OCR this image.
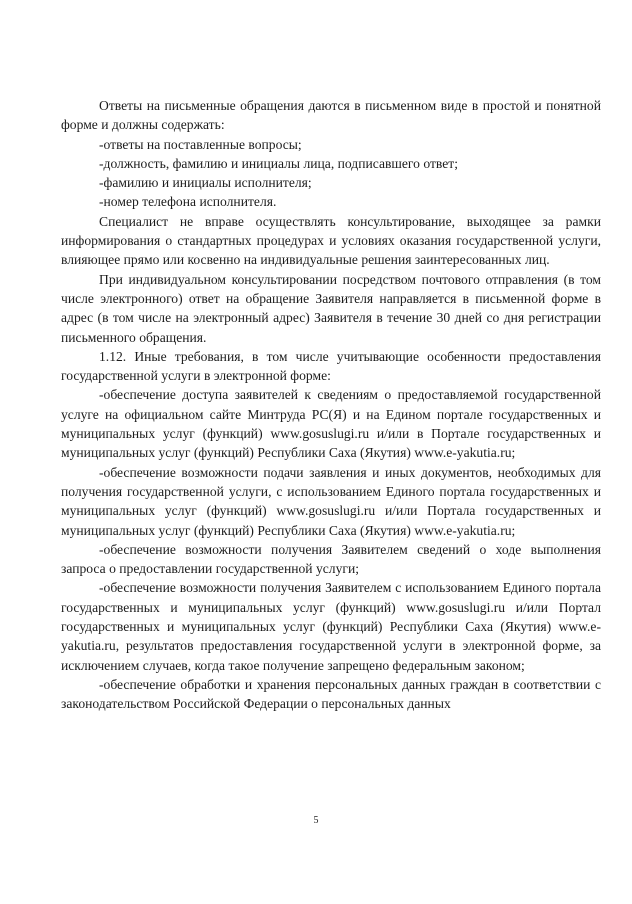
Ответы на письменные обращения даются в письменном виде в простой и понятной форме и должны содержать:

-ответы на поставленные вопросы;

-должность, фамилию и инициалы лица, подписавшего ответ;

-фамилию и инициалы исполнителя;

-номер телефона исполнителя.

Специалист не вправе осуществлять консультирование, выходящее за рамки информирования о стандартных процедурах и условиях оказания государственной услуги, влияющее прямо или косвенно на индивидуальные решения заинтересованных лиц.

При индивидуальном консультировании посредством почтового отправления (в том числе электронного) ответ на обращение Заявителя направляется в письменной форме в адрес (в том числе на электронный адрес) Заявителя в течение 30 дней со дня регистрации письменного обращения.

1.12. Иные требования, в том числе учитывающие особенности предоставления государственной услуги в электронной форме:

-обеспечение доступа заявителей к сведениям о предоставляемой государственной услуге на официальном сайте Минтруда РС(Я) и на Едином портале государственных и муниципальных услуг (функций) www.gosuslugi.ru и/или в Портале государственных и муниципальных услуг (функций) Республики Саха (Якутия) www.e-yakutia.ru;

-обеспечение возможности подачи заявления и иных документов, необходимых для получения государственной услуги, с использованием Единого портала государственных и муниципальных услуг (функций) www.gosuslugi.ru и/или Портала государственных и муниципальных услуг (функций) Республики Саха (Якутия) www.e-yakutia.ru;

-обеспечение возможности получения Заявителем сведений о ходе выполнения запроса о предоставлении государственной услуги;

-обеспечение возможности получения Заявителем с использованием Единого портала государственных и муниципальных услуг (функций) www.gosuslugi.ru и/или Портал государственных и муниципальных услуг (функций) Республики Саха (Якутия) www.e-yakutia.ru, результатов предоставления государственной услуги в электронной форме, за исключением случаев, когда такое получение запрещено федеральным законом;

-обеспечение обработки и хранения персональных данных граждан в соответствии с законодательством Российской Федерации о персональных данных

5
